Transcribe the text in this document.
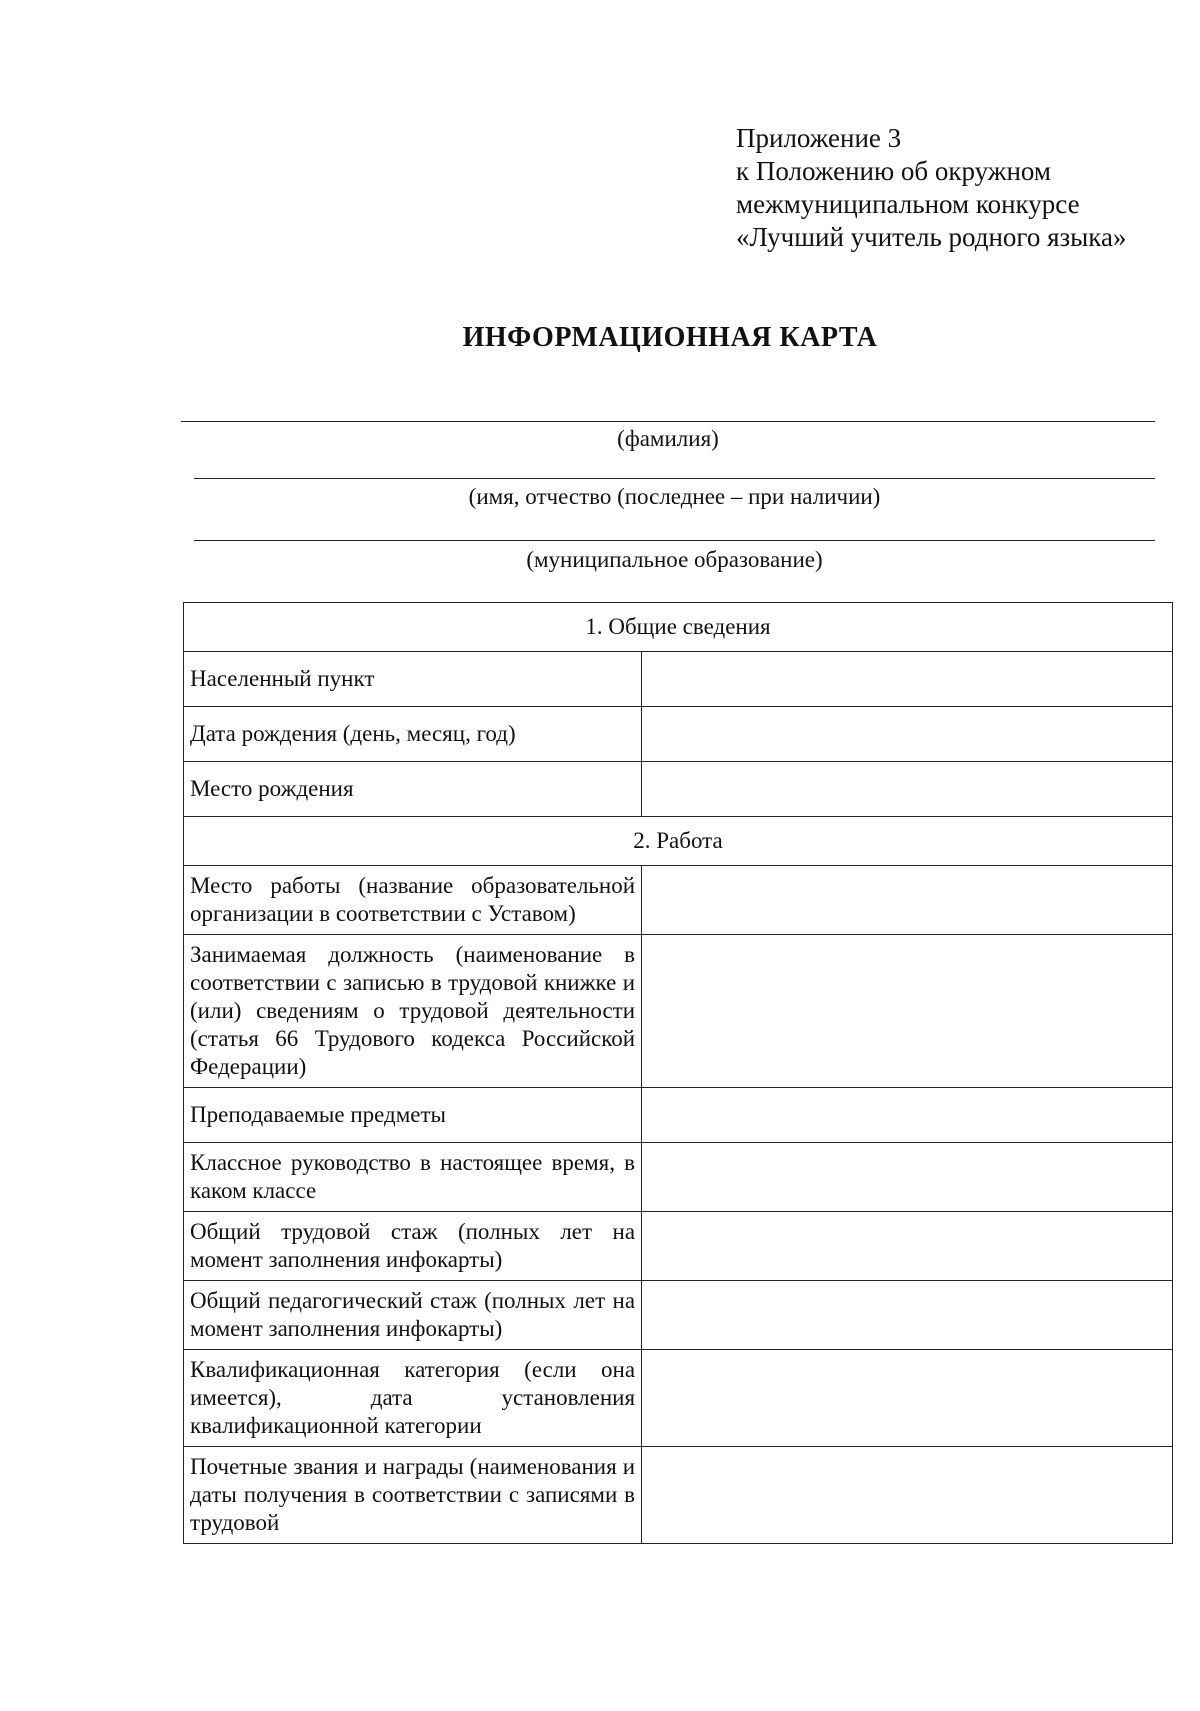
Приложение 3
к Положению об окружном
межмуниципальном конкурсе
«Лучший учитель родного языка»
ИНФОРМАЦИОННАЯ КАРТА
(фамилия)
(имя, отчество (последнее – при наличии)
(муниципальное образование)
1. Общие сведения	
Населенный пункт	
Дата рождения (день, месяц, год)	
Место рождения	
2. Работа	
Место работы (название образовательной организации в соответствии с Уставом)	
Занимаемая должность (наименование в соответствии с записью в трудовой книжке и (или) сведениям о трудовой деятельности (статья 66 Трудового кодекса Российской Федерации)	
Преподаваемые предметы	
Классное руководство в настоящее время, в каком классе	
Общий трудовой стаж (полных лет на момент заполнения инфокарты)	
Общий педагогический стаж (полных лет на момент заполнения инфокарты)	
Квалификационная категория (если она имеется), дата установления квалификационной категории	
Почетные звания и награды (наименования и даты получения в соответствии с записями в трудовой	
